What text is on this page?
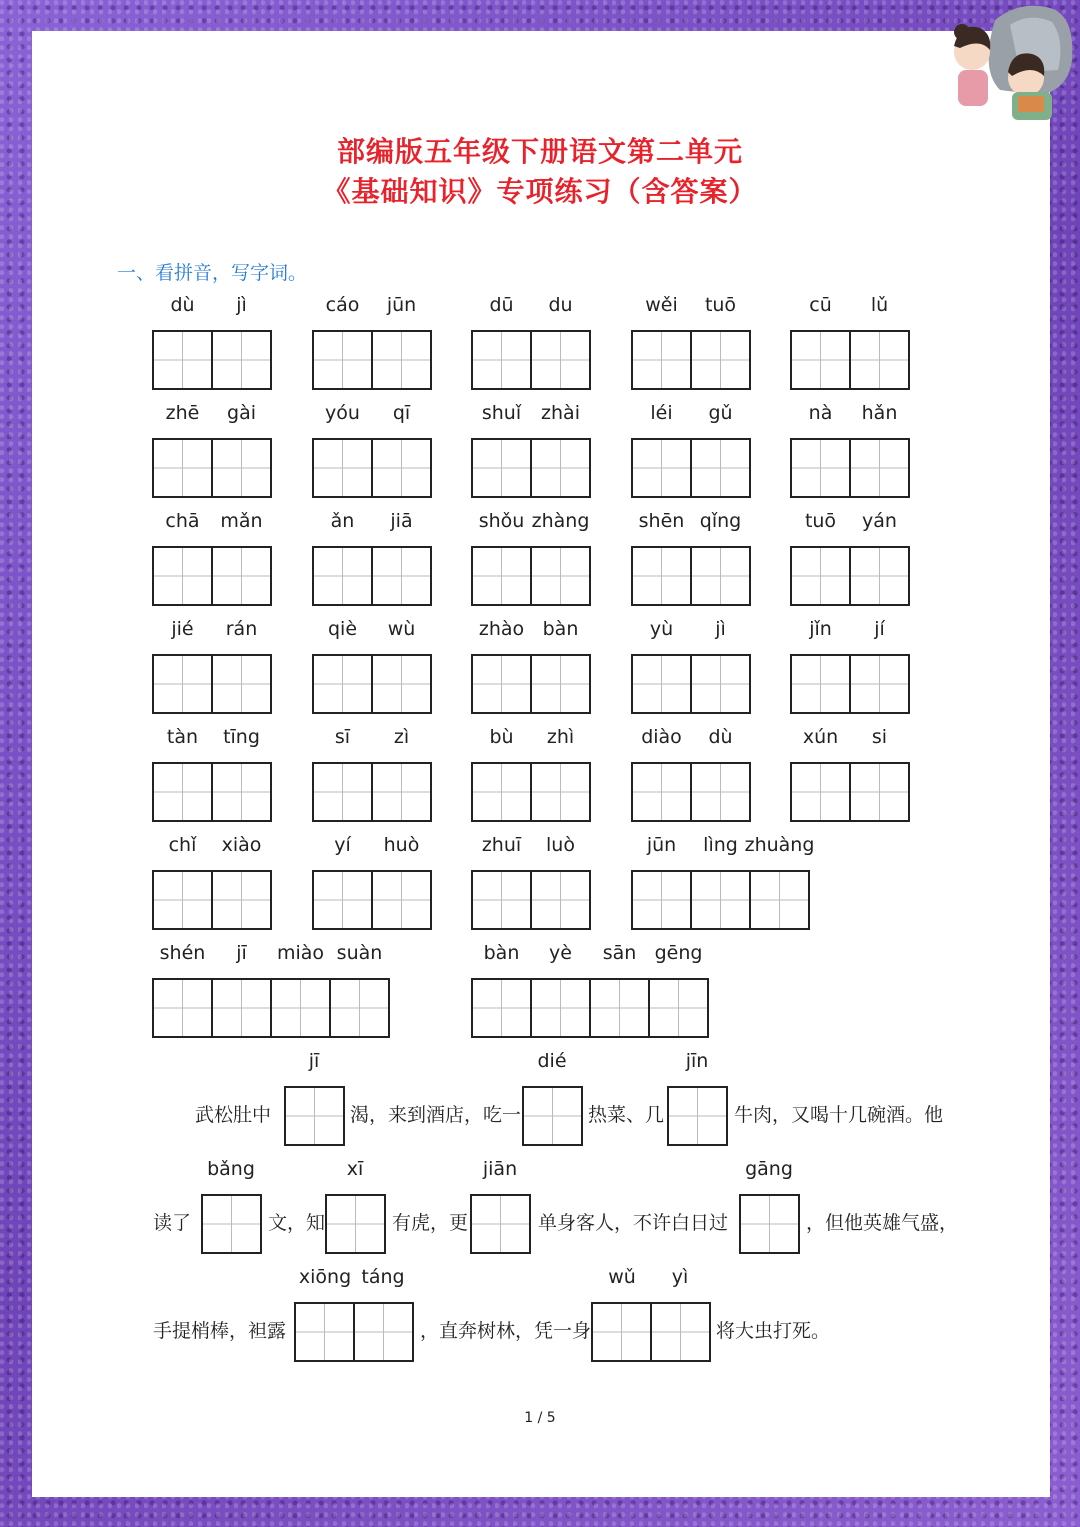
部编版五年级下册语文第二单元
《基础知识》专项练习（含答案）
一、看拼音，写字词。
dù jì	cáo jūn	dū du	wěi tuō	cū lǔ
zhē gài	yóu qī	shuǐ zhài	léi gǔ	nà hǎn
chā mǎn	ǎn jiā	shǒu zhàng	shēn qǐng	tuō yán
jié rán	qiè wù	zhào bàn	yù jì	jǐn jí
tàn tīng	sī zì	bù zhì	diào dù	xún si
chǐ xiào	yí huò	zhuī luò	jūn lìng zhuàng
shén jī miào suàn	bàn yè sān gēng
武松肚中
jī
渴，来到酒店，吃一
dié
热菜、几
jīn
牛肉，又喝十几碗酒。他
读了
bǎng
文，知
xī
有虎，更
jiān
单身客人，不许白日过
gāng
，但他英雄气盛，
手提梢棒，袒露
xiōng táng
，直奔树林，凭一身
wǔ yì
将大虫打死。
1 / 5
